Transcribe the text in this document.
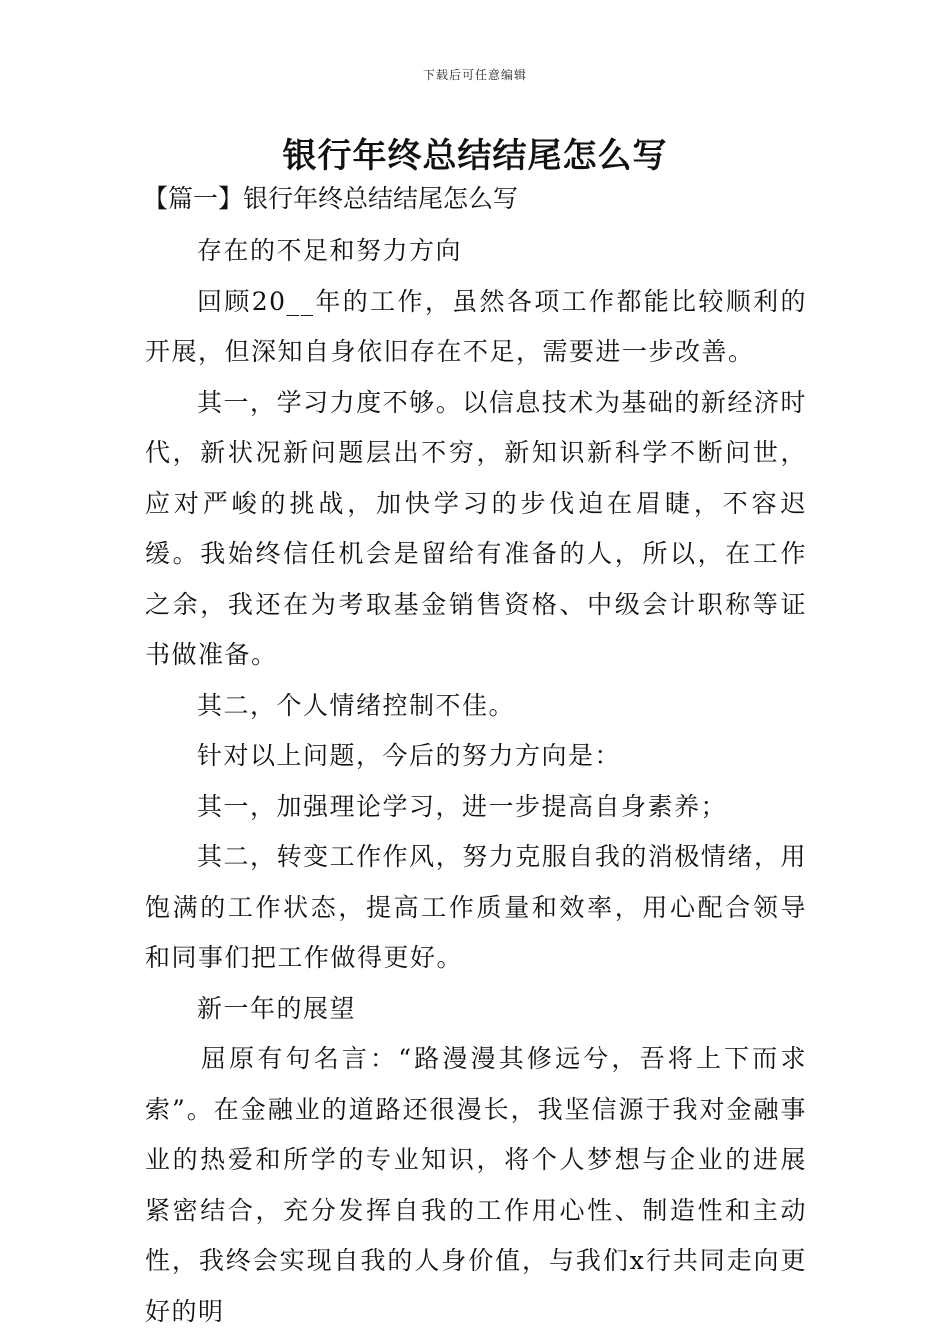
下载后可任意编辑
银行年终总结结尾怎么写
【篇一】银行年终总结结尾怎么写

存在的不足和努力方向

回顾20__年的工作，虽然各项工作都能比较顺利的开展，但深知自身依旧存在不足，需要进一步改善。

其一，学习力度不够。以信息技术为基础的新经济时代，新状况新问题层出不穷，新知识新科学不断问世，应对严峻的挑战，加快学习的步伐迫在眉睫，不容迟缓。我始终信任机会是留给有准备的人，所以，在工作之余，我还在为考取基金销售资格、中级会计职称等证书做准备。

其二，个人情绪控制不佳。

针对以上问题，今后的努力方向是：

其一，加强理论学习，进一步提高自身素养；

其二，转变工作作风，努力克服自我的消极情绪，用饱满的工作状态，提高工作质量和效率，用心配合领导和同事们把工作做得更好。

新一年的展望

屈原有句名言：“路漫漫其修远兮，吾将上下而求索”。在金融业的道路还很漫长，我坚信源于我对金融事业的热爱和所学的专业知识，将个人梦想与企业的进展紧密结合，充分发挥自我的工作用心性、制造性和主动性，我终会实现自我的人身价值，与我们x行共同走向更好的明
